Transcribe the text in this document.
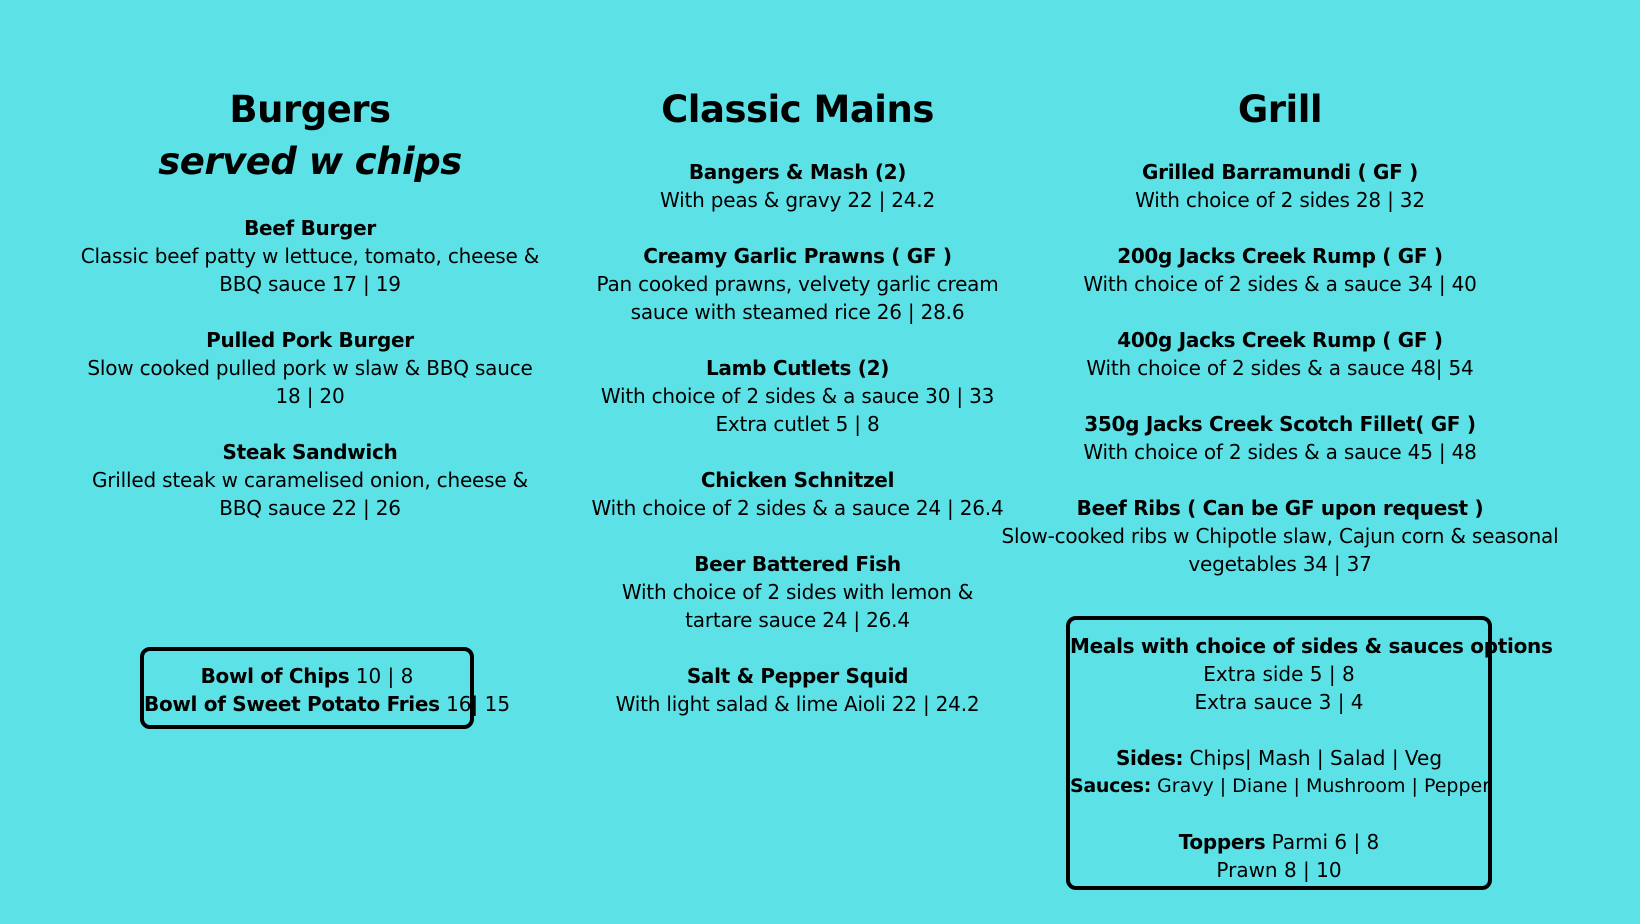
Burgers
served w chips
Beef Burger
Classic beef patty w lettuce, tomato, cheese &
BBQ sauce 17 | 19
Pulled Pork Burger
Slow cooked pulled pork w slaw & BBQ sauce
18 | 20
Steak Sandwich
Grilled steak w caramelised onion, cheese &
BBQ sauce 22 | 26
Bowl of Chips 10 | 8
Bowl of Sweet Potato Fries 16| 15
Classic Mains
Bangers & Mash (2)
With peas & gravy 22 | 24.2
Creamy Garlic Prawns ( GF )
Pan cooked prawns, velvety garlic cream
sauce with steamed rice 26 | 28.6
Lamb Cutlets (2)
With choice of 2 sides & a sauce 30 | 33
Extra cutlet 5 | 8
Chicken Schnitzel
With choice of 2 sides & a sauce 24 | 26.4
Beer Battered Fish
With choice of 2 sides with lemon &
tartare sauce 24 | 26.4
Salt & Pepper Squid
With light salad & lime Aioli 22 | 24.2
Grill
Grilled Barramundi ( GF )
With choice of 2 sides 28 | 32
200g Jacks Creek Rump ( GF )
With choice of 2 sides & a sauce 34 | 40
400g Jacks Creek Rump ( GF )
With choice of 2 sides & a sauce 48| 54
350g Jacks Creek Scotch Fillet( GF )
With choice of 2 sides & a sauce 45 | 48
Beef Ribs ( Can be GF upon request )
Slow-cooked ribs w Chipotle slaw, Cajun corn & seasonal
vegetables 34 | 37
Meals with choice of sides & sauces options
Extra side 5 | 8
Extra sauce 3 | 4
Sides: Chips| Mash | Salad | Veg
Sauces: Gravy | Diane | Mushroom | Pepper
Toppers Parmi 6 | 8
Prawn 8 | 10
